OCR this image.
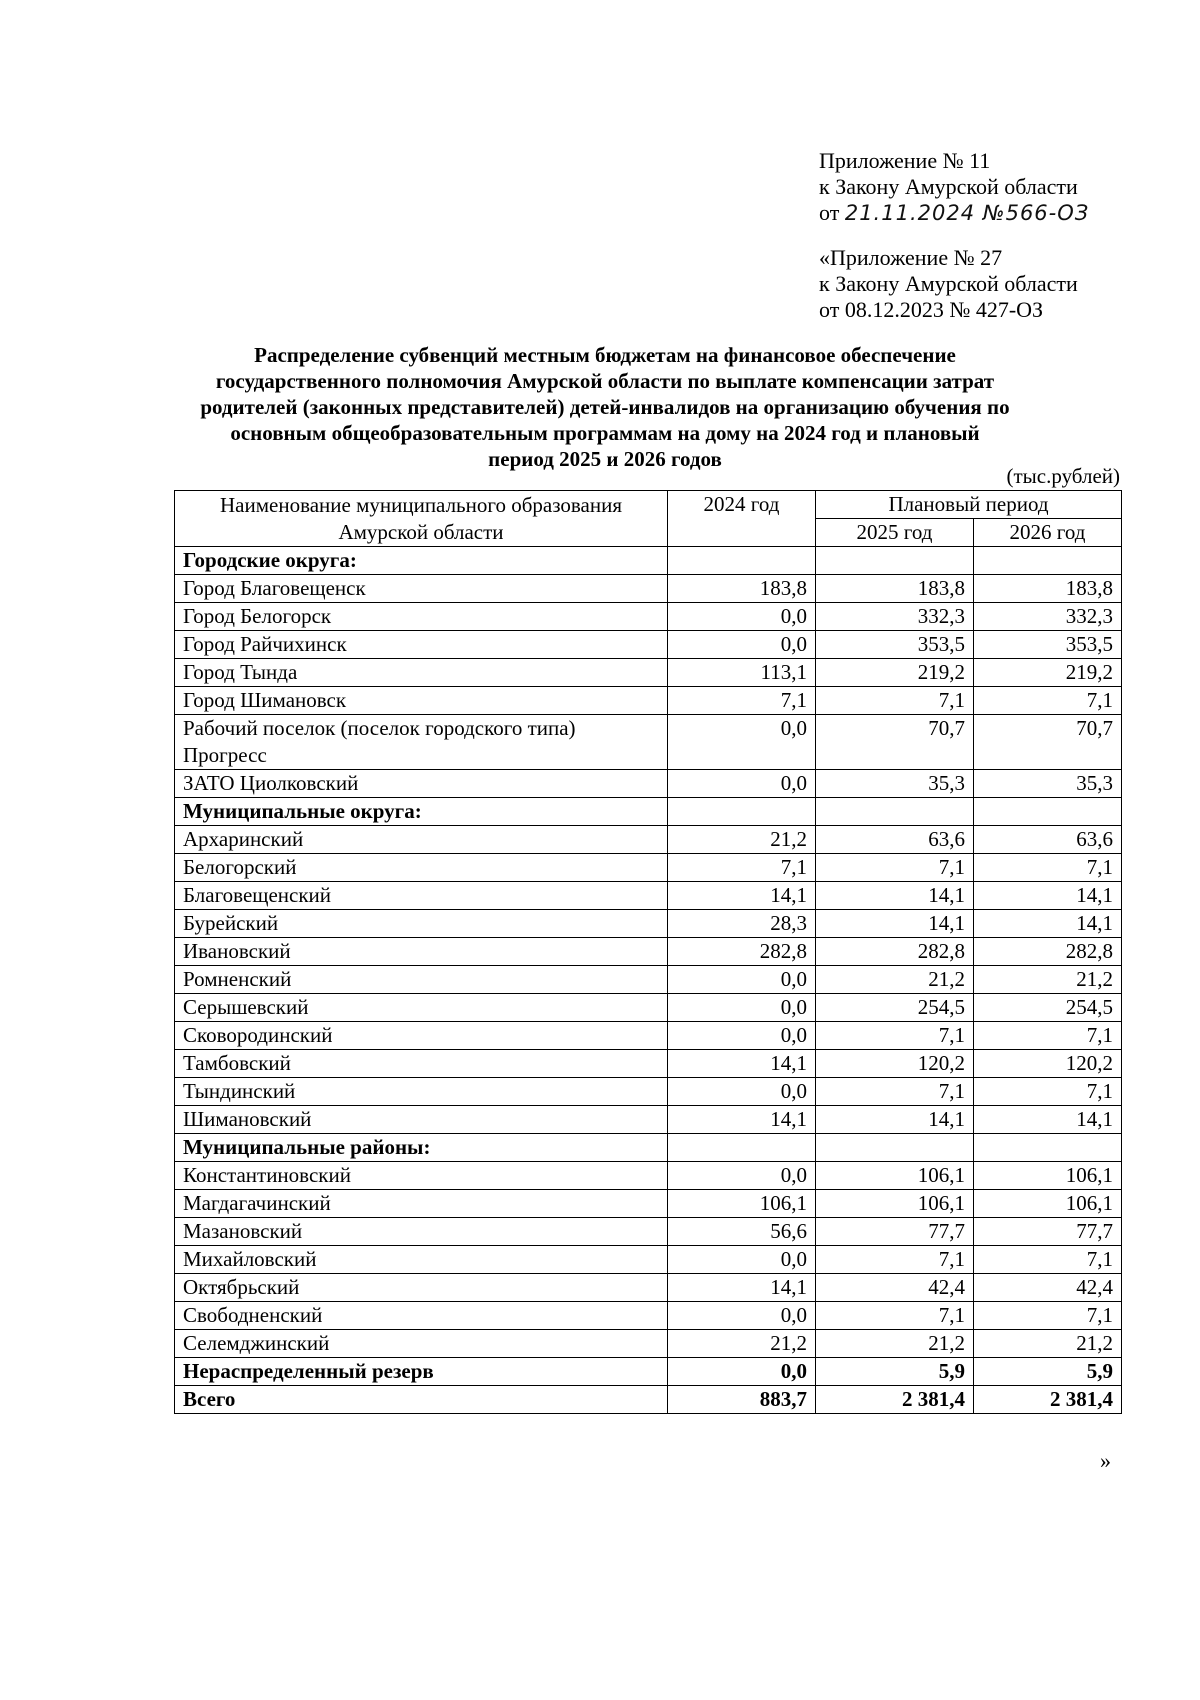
Приложение № 11
к Закону Амурской области
от 21.11.2024 №566-ОЗ
«Приложение № 27
к Закону Амурской области
от 08.12.2023 № 427-ОЗ
Распределение субвенций местным бюджетам на финансовое обеспечение
государственного полномочия Амурской области по выплате компенсации затрат
родителей (законных представителей) детей-инвалидов на организацию обучения по
основным общеобразовательным программам на дому на 2024 год и плановый
период 2025 и 2026 годов
(тыс.рублей)
Наименование муниципального образования Амурской области	2024 год	Плановый период	
		2025 год	2026 год
Городские округа:			
Город Благовещенск	183,8	183,8	183,8
Город Белогорск	0,0	332,3	332,3
Город Райчихинск	0,0	353,5	353,5
Город Тында	113,1	219,2	219,2
Город Шимановск	7,1	7,1	7,1
Рабочий поселок (поселок городского типа) Прогресс	0,0	70,7	70,7
ЗАТО Циолковский	0,0	35,3	35,3
Муниципальные округа:			
Архаринский	21,2	63,6	63,6
Белогорский	7,1	7,1	7,1
Благовещенский	14,1	14,1	14,1
Бурейский	28,3	14,1	14,1
Ивановский	282,8	282,8	282,8
Ромненский	0,0	21,2	21,2
Серышевский	0,0	254,5	254,5
Сковородинский	0,0	7,1	7,1
Тамбовский	14,1	120,2	120,2
Тындинский	0,0	7,1	7,1
Шимановский	14,1	14,1	14,1
Муниципальные районы:			
Константиновский	0,0	106,1	106,1
Магдагачинский	106,1	106,1	106,1
Мазановский	56,6	77,7	77,7
Михайловский	0,0	7,1	7,1
Октябрьский	14,1	42,4	42,4
Свободненский	0,0	7,1	7,1
Селемджинский	21,2	21,2	21,2
Нераспределенный резерв	0,0	5,9	5,9
Всего	883,7	2 381,4	2 381,4
»
